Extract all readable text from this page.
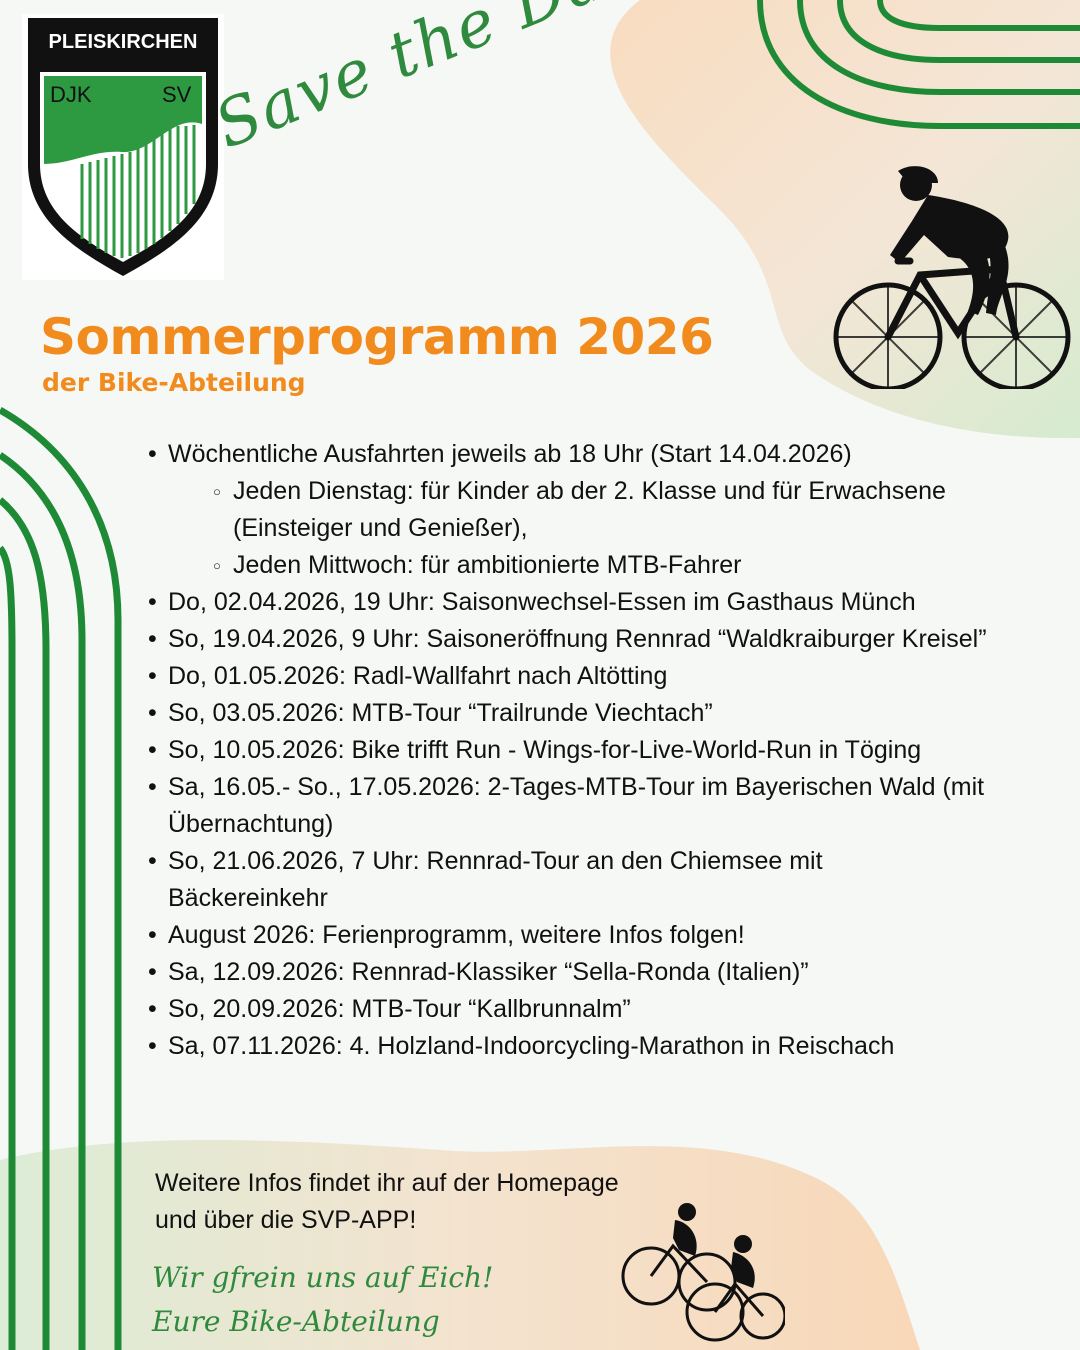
PLEISKIRCHEN
DJK	SV
Sommerprogramm 2026
der Bike-Abteilung
• Wöchentliche Ausfahrten jeweils ab 18 Uhr (Start 14.04.2026)
○ Jeden Dienstag: für Kinder ab der 2. Klasse und für Erwachsene (Einsteiger und Genießer),
○ Jeden Mittwoch: für ambitionierte MTB-Fahrer
• Do, 02.04.2026, 19 Uhr: Saisonwechsel-Essen im Gasthaus Münch
• So, 19.04.2026, 9 Uhr: Saisoneröffnung Rennrad “Waldkraiburger Kreisel”
• Do, 01.05.2026: Radl-Wallfahrt nach Altötting
• So, 03.05.2026: MTB-Tour “Trailrunde Viechtach”
• So, 10.05.2026: Bike trifft Run - Wings-for-Live-World-Run in Töging
• Sa, 16.05.- So., 17.05.2026: 2-Tages-MTB-Tour im Bayerischen Wald (mit Übernachtung)
• So, 21.06.2026, 7 Uhr: Rennrad-Tour an den Chiemsee mit Bäckereinkehr
• August 2026: Ferienprogramm, weitere Infos folgen!
• Sa, 12.09.2026: Rennrad-Klassiker “Sella-Ronda (Italien)”
• So, 20.09.2026: MTB-Tour “Kallbrunnalm”
• Sa, 07.11.2026: 4. Holzland-Indoorcycling-Marathon in Reischach
Weitere Infos findet ihr auf der Homepage
und über die SVP-APP!
Wir gfrein uns auf Eich!
Eure Bike-Abteilung
